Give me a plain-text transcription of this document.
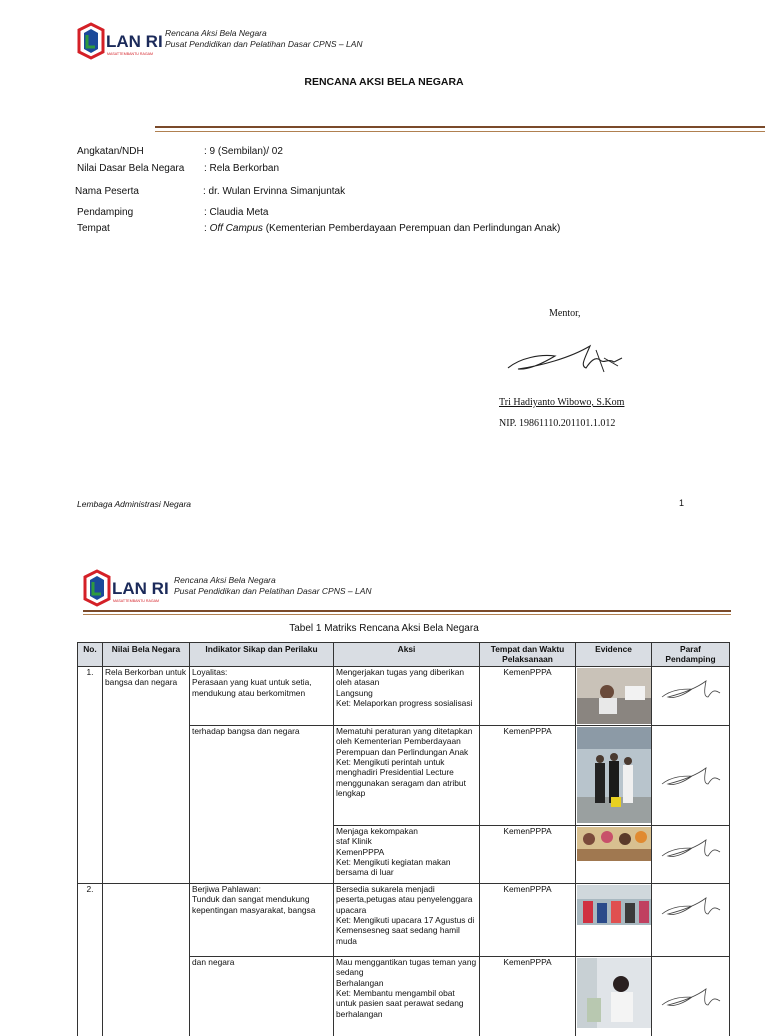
LAN RI
MASATTEMBANTU RAGAM
Rencana Aksi Bela Negara
Pusat Pendidikan dan Pelatihan Dasar CPNS – LAN
RENCANA AKSI BELA NEGARA
Angkatan/NDH	: 9 (Sembilan)/ 02
Nilai Dasar Bela Negara : Rela Berkorban
Nama Peserta	: dr. Wulan Ervinna Simanjuntak
Pendamping	: Claudia Meta
Tempat	: Off Campus (Kementerian Pemberdayaan Perempuan dan Perlindungan Anak)
Mentor,
Tri Hadiyanto Wibowo, S.Kom
NIP. 19861110.201101.1.012
Lembaga Administrasi Negara	1
LAN RI
MASATTEMBANTU RAGAM
Rencana Aksi Bela Negara
Pusat Pendidikan dan Pelatihan Dasar CPNS – LAN
Tabel 1 Matriks Rencana Aksi Bela Negara
No.	Nilai Bela Negara	Indikator Sikap dan Perilaku	Aksi	Tempat dan Waktu Pelaksanaan	Evidence	Paraf Pendamping
1.	Rela Berkorban untuk bangsa dan negara	Loyalitas:
Perasaan yang kuat untuk setia, mendukung atau berkomitmen	Mengerjakan tugas yang diberikan oleh atasan
Langsung
Ket: Melaporkan progress sosialisasi	KemenPPPA	

		terhadap bangsa dan negara	Mematuhi peraturan yang ditetapkan oleh Kementerian Pemberdayaan Perempuan dan Perlindungan Anak
Ket: Mengikuti perintah untuk menghadiri Presidential Lecture menggunakan seragam dan atribut lengkap	KemenPPPA	

			Menjaga kekompakan
staf Klinik
KemenPPPA
Ket: Mengikuti kegiatan makan bersama di luar	KemenPPPA	

2.		Berjiwa Pahlawan:
Tunduk dan sangat mendukung kepentingan masyarakat, bangsa	Bersedia sukarela menjadi peserta,petugas atau penyelenggara upacara
Ket: Mengikuti upacara 17 Agustus di Kemensesneg saat sedang hamil muda	KemenPPPA	

		dan negara	Mau menggantikan tugas teman yang sedang
Berhalangan
Ket: Membantu mengambil obat untuk pasien saat perawat sedang berhalangan	KemenPPPA	
